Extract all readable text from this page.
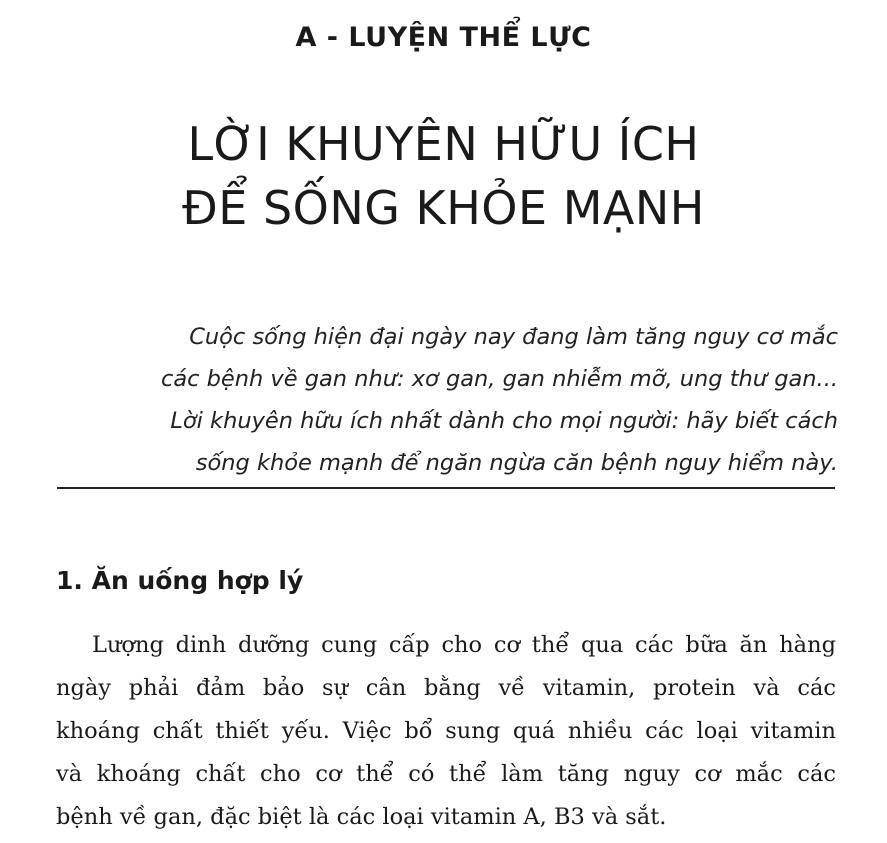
A - LUYỆN THỂ LỰC
LỜI KHUYÊN HỮU ÍCH
ĐỂ SỐNG KHỎE MẠNH
Cuộc sống hiện đại ngày nay đang làm tăng nguy cơ mắc
các bệnh về gan như: xơ gan, gan nhiễm mỡ, ung thư gan...
Lời khuyên hữu ích nhất dành cho mọi người: hãy biết cách
sống khỏe mạnh để ngăn ngừa căn bệnh nguy hiểm này.
1. Ăn uống hợp lý
Lượng dinh dưỡng cung cấp cho cơ thể qua các bữa ăn hàng
ngày phải đảm bảo sự cân bằng về vitamin, protein và các
khoáng chất thiết yếu. Việc bổ sung quá nhiều các loại vitamin
và khoáng chất cho cơ thể có thể làm tăng nguy cơ mắc các
bệnh về gan, đặc biệt là các loại vitamin A, B3 và sắt.
